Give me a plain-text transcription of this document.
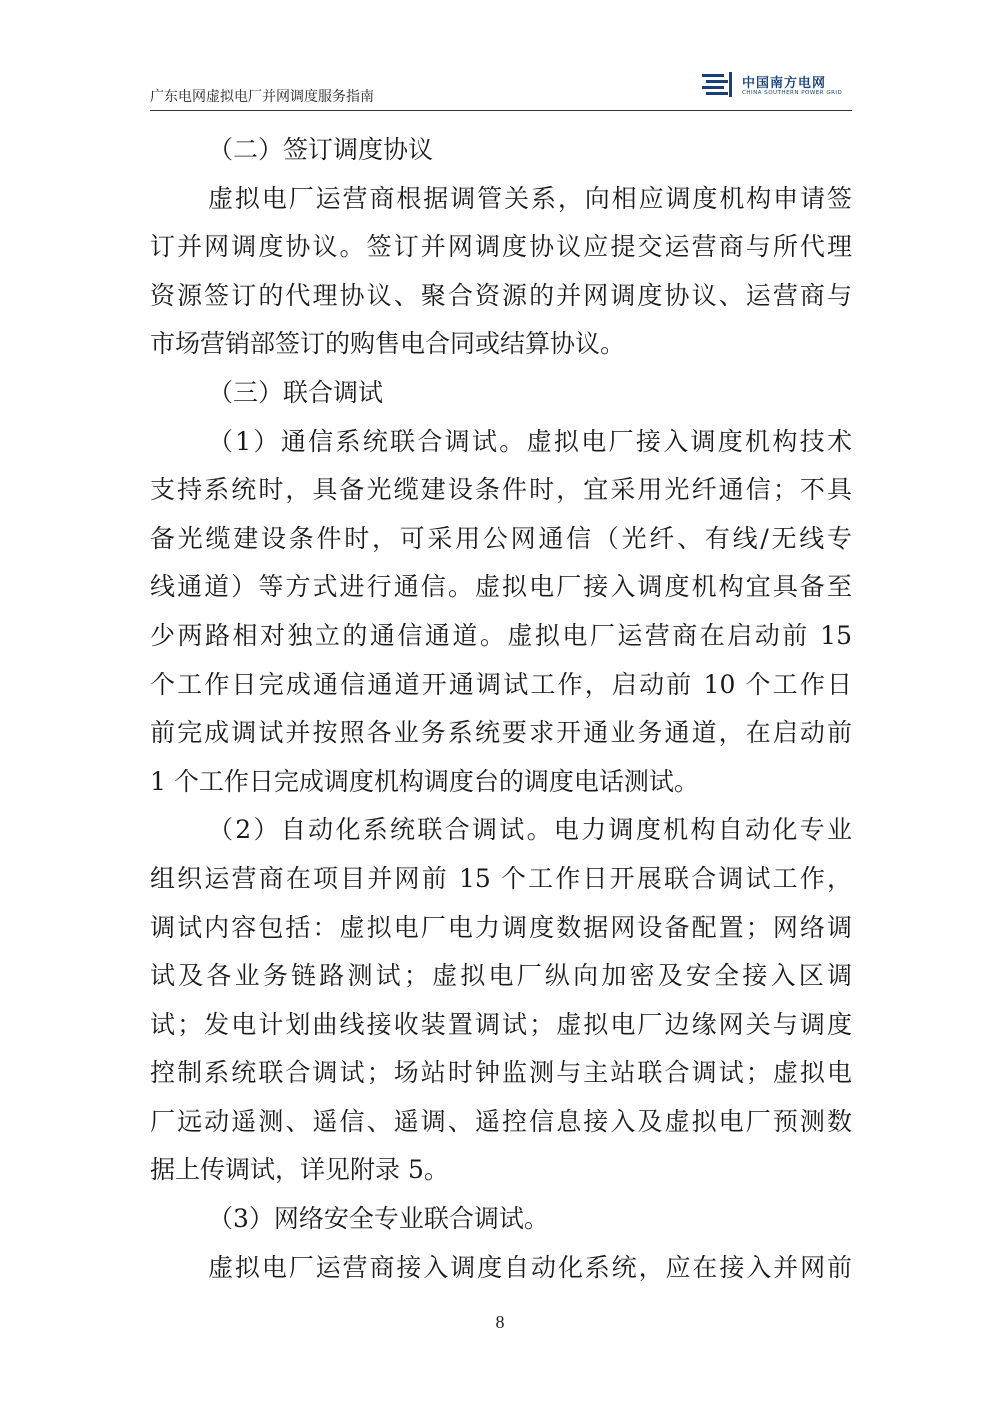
广东电网虚拟电厂并网调度服务指南
中国南方电网
CHINA SOUTHERN POWER GRID
（二）签订调度协议
虚拟电厂运营商根据调管关系，向相应调度机构申请签
订并网调度协议。签订并网调度协议应提交运营商与所代理
资源签订的代理协议、聚合资源的并网调度协议、运营商与
市场营销部签订的购售电合同或结算协议。
（三）联合调试
（1）通信系统联合调试。虚拟电厂接入调度机构技术
支持系统时，具备光缆建设条件时，宜采用光纤通信；不具
备光缆建设条件时，可采用公网通信（光纤、有线/无线专
线通道）等方式进行通信。虚拟电厂接入调度机构宜具备至
少两路相对独立的通信通道。虚拟电厂运营商在启动前 15
个工作日完成通信通道开通调试工作，启动前 10 个工作日
前完成调试并按照各业务系统要求开通业务通道，在启动前
1 个工作日完成调度机构调度台的调度电话测试。
（2）自动化系统联合调试。电力调度机构自动化专业
组织运营商在项目并网前 15 个工作日开展联合调试工作，
调试内容包括：虚拟电厂电力调度数据网设备配置；网络调
试及各业务链路测试；虚拟电厂纵向加密及安全接入区调
试；发电计划曲线接收装置调试；虚拟电厂边缘网关与调度
控制系统联合调试；场站时钟监测与主站联合调试；虚拟电
厂远动遥测、遥信、遥调、遥控信息接入及虚拟电厂预测数
据上传调试，详见附录 5。
（3）网络安全专业联合调试。
虚拟电厂运营商接入调度自动化系统，应在接入并网前
8
